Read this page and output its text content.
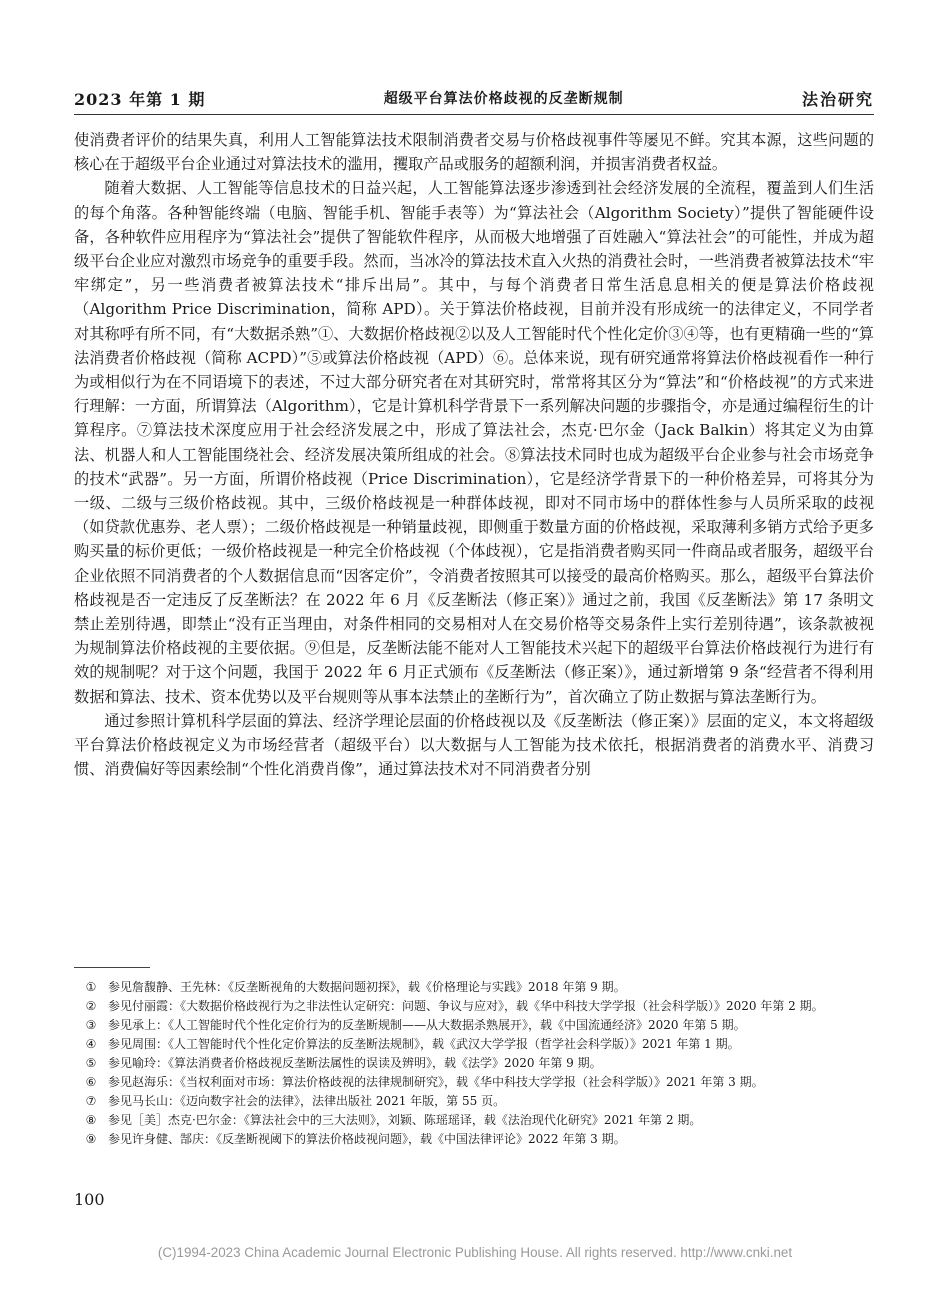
2023 年第 1 期	超级平台算法价格歧视的反垄断规制	法治研究

使消费者评价的结果失真，利用人工智能算法技术限制消费者交易与价格歧视事件等屡见不鲜。究其本源，这些问题的核心在于超级平台企业通过对算法技术的滥用，攫取产品或服务的超额利润，并损害消费者权益。

随着大数据、人工智能等信息技术的日益兴起，人工智能算法逐步渗透到社会经济发展的全流程，覆盖到人们生活的每个角落。各种智能终端（电脑、智能手机、智能手表等）为“算法社会（Algorithm Society）”提供了智能硬件设备，各种软件应用程序为“算法社会”提供了智能软件程序，从而极大地增强了百姓融入“算法社会”的可能性，并成为超级平台企业应对激烈市场竞争的重要手段。然而，当冰冷的算法技术直入火热的消费社会时，一些消费者被算法技术“牢牢绑定”，另一些消费者被算法技术“排斥出局”。其中，与每个消费者日常生活息息相关的便是算法价格歧视（Algorithm Price Discrimination，简称 APD）。关于算法价格歧视，目前并没有形成统一的法律定义，不同学者对其称呼有所不同，有“大数据杀熟”①、大数据价格歧视②以及人工智能时代个性化定价③④等，也有更精确一些的“算法消费者价格歧视（简称 ACPD）”⑤或算法价格歧视（APD）⑥。总体来说，现有研究通常将算法价格歧视看作一种行为或相似行为在不同语境下的表述，不过大部分研究者在对其研究时，常常将其区分为“算法”和“价格歧视”的方式来进行理解：一方面，所谓算法（Algorithm），它是计算机科学背景下一系列解决问题的步骤指令，亦是通过编程衍生的计算程序。⑦算法技术深度应用于社会经济发展之中，形成了算法社会，杰克·巴尔金（Jack Balkin）将其定义为由算法、机器人和人工智能围绕社会、经济发展决策所组成的社会。⑧算法技术同时也成为超级平台企业参与社会市场竞争的技术“武器”。另一方面，所谓价格歧视（Price Discrimination），它是经济学背景下的一种价格差异，可将其分为一级、二级与三级价格歧视。其中，三级价格歧视是一种群体歧视，即对不同市场中的群体性参与人员所采取的歧视（如贷款优惠券、老人票）；二级价格歧视是一种销量歧视，即侧重于数量方面的价格歧视，采取薄利多销方式给予更多购买量的标价更低；一级价格歧视是一种完全价格歧视（个体歧视），它是指消费者购买同一件商品或者服务，超级平台企业依照不同消费者的个人数据信息而“因客定价”，令消费者按照其可以接受的最高价格购买。那么，超级平台算法价格歧视是否一定违反了反垄断法？在 2022 年 6 月《反垄断法（修正案）》通过之前，我国《反垄断法》第 17 条明文禁止差别待遇，即禁止“没有正当理由，对条件相同的交易相对人在交易价格等交易条件上实行差别待遇”，该条款被视为规制算法价格歧视的主要依据。⑨但是，反垄断法能不能对人工智能技术兴起下的超级平台算法价格歧视行为进行有效的规制呢？对于这个问题，我国于 2022 年 6 月正式颁布《反垄断法（修正案）》，通过新增第 9 条“经营者不得利用数据和算法、技术、资本优势以及平台规则等从事本法禁止的垄断行为”，首次确立了防止数据与算法垄断行为。

通过参照计算机科学层面的算法、经济学理论层面的价格歧视以及《反垄断法（修正案）》层面的定义，本文将超级平台算法价格歧视定义为市场经营者（超级平台）以大数据与人工智能为技术依托，根据消费者的消费水平、消费习惯、消费偏好等因素绘制“个性化消费肖像”，通过算法技术对不同消费者分别

① 参见詹馥静、王先林：《反垄断视角的大数据问题初探》，载《价格理论与实践》2018 年第 9 期。

② 参见付丽霞：《大数据价格歧视行为之非法性认定研究：问题、争议与应对》，载《华中科技大学学报（社会科学版）》2020 年第 2 期。

③ 参见承上：《人工智能时代个性化定价行为的反垄断规制——从大数据杀熟展开》，载《中国流通经济》2020 年第 5 期。

④ 参见周围：《人工智能时代个性化定价算法的反垄断法规制》，载《武汉大学学报（哲学社会科学版）》2021 年第 1 期。

⑤ 参见喻玲：《算法消费者价格歧视反垄断法属性的误读及辨明》，载《法学》2020 年第 9 期。

⑥ 参见赵海乐：《当权利面对市场：算法价格歧视的法律规制研究》，载《华中科技大学学报（社会科学版）》2021 年第 3 期。

⑦ 参见马长山：《迈向数字社会的法律》，法律出版社 2021 年版，第 55 页。

⑧ 参见［美］杰克·巴尔金：《算法社会中的三大法则》，刘颖、陈瑶瑶译，载《法治现代化研究》2021 年第 2 期。

⑨ 参见许身健、郜庆：《反垄断视阈下的算法价格歧视问题》，载《中国法律评论》2022 年第 3 期。

100
(C)1994-2023 China Academic Journal Electronic Publishing House. All rights reserved. http://www.cnki.net
